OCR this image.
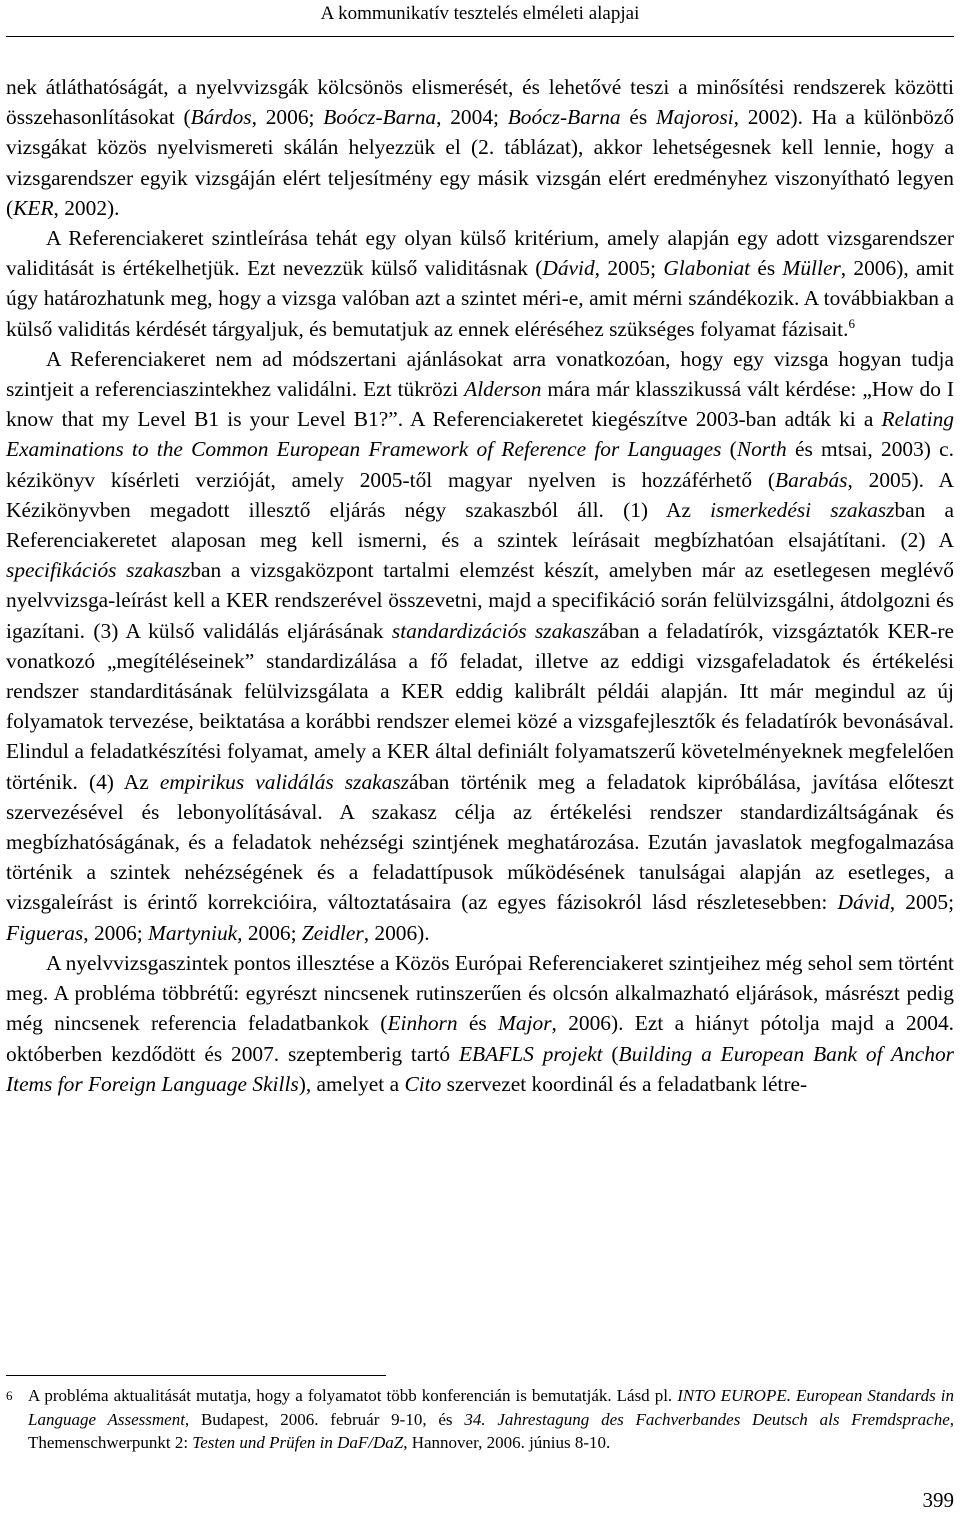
A kommunikatív tesztelés elméleti alapjai

nek átláthatóságát, a nyelvvizsgák kölcsönös elismerését, és lehetővé teszi a minősítési rendszerek közötti összehasonlításokat (Bárdos, 2006; Boócz-Barna, 2004; Boócz-Barna és Majorosi, 2002). Ha a különböző vizsgákat közös nyelvismereti skálán helyezzük el (2. táblázat), akkor lehetségesnek kell lennie, hogy a vizsgarendszer egyik vizsgáján elért teljesítmény egy másik vizsgán elért eredményhez viszonyítható legyen (KER, 2002).

A Referenciakeret szintleírása tehát egy olyan külső kritérium, amely alapján egy adott vizsgarendszer validitását is értékelhetjük. Ezt nevezzük külső validitásnak (Dávid, 2005; Glaboniat és Müller, 2006), amit úgy határozhatunk meg, hogy a vizsga valóban azt a szintet méri-e, amit mérni szándékozik. A továbbiakban a külső validitás kérdését tárgyaljuk, és bemutatjuk az ennek eléréséhez szükséges folyamat fázisait.$^6$

A Referenciakeret nem ad módszertani ajánlásokat arra vonatkozóan, hogy egy vizsga hogyan tudja szintjeit a referenciaszintekhez validálni. Ezt tükrözi Alderson mára már klasszikussá vált kérdése: „How do I know that my Level B1 is your Level B1?”. A Referenciakeretet kiegészítve 2003-ban adták ki a Relating Examinations to the Common European Framework of Reference for Languages (North és mtsai, 2003) c. kézikönyv kísérleti verzióját, amely 2005-től magyar nyelven is hozzáférhető (Barabás, 2005). A Kézikönyvben megadott illesztő eljárás négy szakaszból áll. (1) Az ismerkedési szakaszban a Referenciakeretet alaposan meg kell ismerni, és a szintek leírásait megbízhatóan elsajátítani. (2) A specifikációs szakaszban a vizsgaközpont tartalmi elemzést készít, amelyben már az esetlegesen meglévő nyelvvizsga-leírást kell a KER rendszerével összevetni, majd a specifikáció során felülvizsgálni, átdolgozni és igazítani. (3) A külső validálás eljárásának standardizációs szakaszában a feladatírók, vizsgáztatók KER-re vonatkozó „megítéléseinek” standardizálása a fő feladat, illetve az eddigi vizsgafeladatok és értékelési rendszer standarditásának felülvizsgálata a KER eddig kalibrált példái alapján. Itt már megindul az új folyamatok tervezése, beiktatása a korábbi rendszer elemei közé a vizsgafejlesztők és feladatírók bevonásával. Elindul a feladatkészítési folyamat, amely a KER által definiált folyamatszerű követelményeknek megfelelően történik. (4) Az empirikus validálás szakaszában történik meg a feladatok kipróbálása, javítása előteszt szervezésével és lebonyolításával. A szakasz célja az értékelési rendszer standardizáltságának és megbízhatóságának, és a feladatok nehézségi szintjének meghatározása. Ezután javaslatok megfogalmazása történik a szintek nehézségének és a feladattípusok működésének tanulságai alapján az esetleges, a vizsgaleírást is érintő korrekcióira, változtatásaira (az egyes fázisokról lásd részletesebben: Dávid, 2005; Figueras, 2006; Martyniuk, 2006; Zeidler, 2006).

A nyelvvizsgaszintek pontos illesztése a Közös Európai Referenciakeret szintjeihez még sehol sem történt meg. A probléma többrétű: egyrészt nincsenek rutinszerűen és olcsón alkalmazható eljárások, másrészt pedig még nincsenek referencia feladatbankok (Einhorn és Major, 2006). Ezt a hiányt pótolja majd a 2004. októberben kezdődött és 2007. szeptemberig tartó EBAFLS projekt (Building a European Bank of Anchor Items for Foreign Language Skills), amelyet a Cito szervezet koordinál és a feladatbank létre-

6 A probléma aktualitását mutatja, hogy a folyamatot több konferencián is bemutatják. Lásd pl. INTO EUROPE. European Standards in Language Assessment, Budapest, 2006. február 9-10, és 34. Jahrestagung des Fachverbandes Deutsch als Fremdsprache, Themenschwerpunkt 2: Testen und Prüfen in DaF/DaZ, Hannover, 2006. június 8-10.
399
